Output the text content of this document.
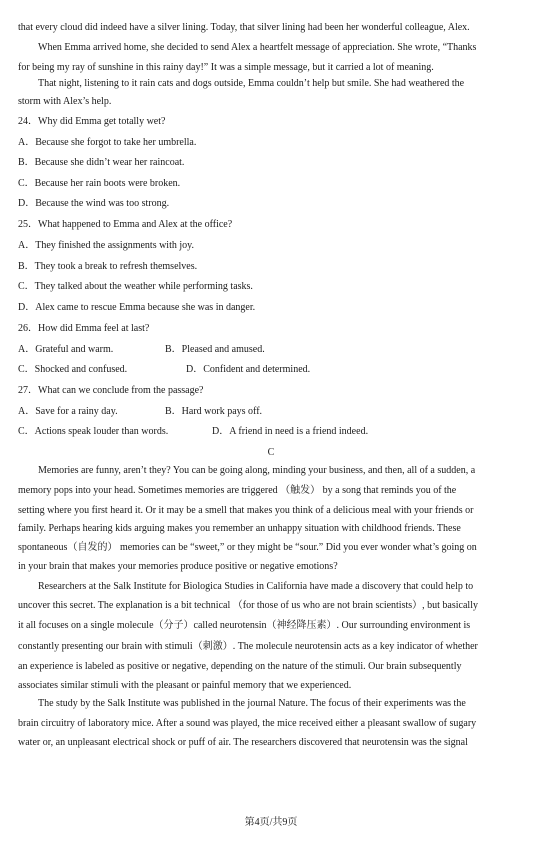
that every cloud did indeed have a silver lining. Today, that silver lining had been her wonderful colleague, Alex.
When Emma arrived home, she decided to send Alex a heartfelt message of appreciation. She wrote, “Thanks
for being my ray of sunshine in this rainy day!” It was a simple message, but it carried a lot of meaning.
That night, listening to it rain cats and dogs outside, Emma couldn’t help but smile. She had weathered the
storm with Alex’s help.
24．Why did Emma get totally wet?
A．Because she forgot to take her umbrella.
B．Because she didn’t wear her raincoat.
C．Because her rain boots were broken.
D．Because the wind was too strong.
25．What happened to Emma and Alex at the office?
A．They finished the assignments with joy.
B．They took a break to refresh themselves.
C．They talked about the weather while performing tasks.
D．Alex came to rescue Emma because she was in danger.
26．How did Emma feel at last?
A．Grateful and warm.	B．Pleased and amused.
C．Shocked and confused.	D．Confident and determined.
27．What can we conclude from the passage?
A．Save for a rainy day.	B．Hard work pays off.
C．Actions speak louder than words.	D．A friend in need is a friend indeed.
C
Memories are funny, aren’t they? You can be going along, minding your business, and then, all of a sudden, a
memory pops into your head. Sometimes memories are triggered （触发） by a song that reminds you of the
setting where you first heard it. Or it may be a smell that makes you think of a delicious meal with your friends or
family. Perhaps hearing kids arguing makes you remember an unhappy situation with childhood friends. These
spontaneous（自发的） memories can be “sweet,” or they might be “sour.” Did you ever wonder what’s going on
in your brain that makes your memories produce positive or negative emotions?
Researchers at the Salk Institute for Biologica Studies in California have made a discovery that could help to
uncover this secret. The explanation is a bit technical （for those of us who are not brain scientists）, but basically
it all focuses on a single molecule（分子）called neurotensin（神经降压素）. Our surrounding environment is
constantly presenting our brain with stimuli（刺激）. The molecule neurotensin acts as a key indicator of whether
an experience is labeled as positive or negative, depending on the nature of the stimuli. Our brain subsequently
associates similar stimuli with the pleasant or painful memory that we experienced.
The study by the Salk Institute was published in the journal Nature. The focus of their experiments was the
brain circuitry of laboratory mice. After a sound was played, the mice received either a pleasant swallow of sugary
water or, an unpleasant electrical shock or puff of air. The researchers discovered that neurotensin was the signal
第4页/共9页
